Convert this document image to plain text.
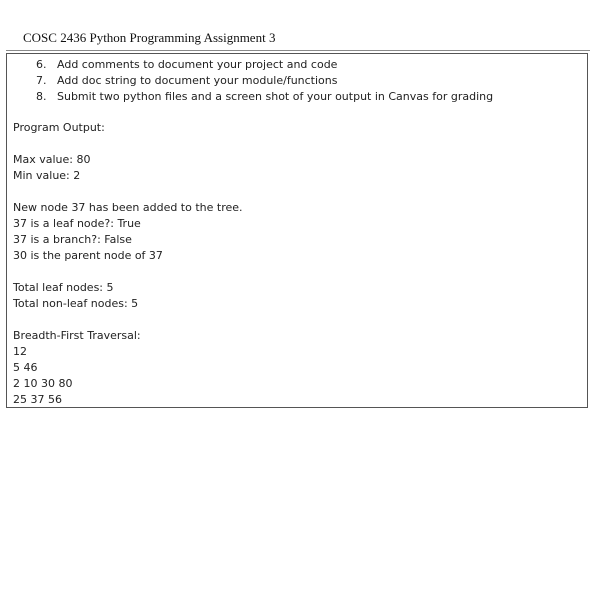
COSC 2436 Python Programming Assignment 3
6. Add comments to document your project and code
7. Add doc string to document your module/functions
8. Submit two python files and a screen shot of your output in Canvas for grading
Program Output:
Max value: 80
Min value: 2
New node 37 has been added to the tree.
37 is a leaf node?: True
37 is a branch?: False
30 is the parent node of 37
Total leaf nodes: 5
Total non-leaf nodes: 5
Breadth-First Traversal:
12
5 46
2 10 30 80
25 37 56
